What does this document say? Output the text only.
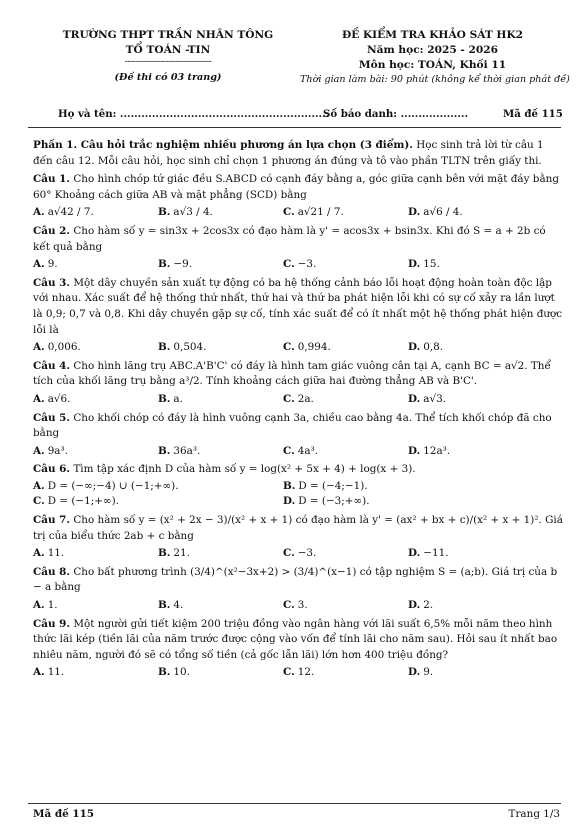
TRƯỜNG THPT TRẦN NHÂN TÔNG
TỔ TOÁN -TIN
----------------------------------
(Đề thi có 03 trang)
ĐỀ KIỂM TRA KHẢO SÁT HK2
Năm học: 2025 - 2026
Môn học: TOÁN, Khối 11
Thời gian làm bài: 90 phút (không kể thời gian phát đề)
Họ và tên: ...........................................................
Số báo danh: ...................	Mã đề 115
Phần 1. Câu hỏi trắc nghiệm nhiều phương án lựa chọn (3 điểm). Học sinh trả lời từ câu 1 đến câu 12. Mỗi câu hỏi, học sinh chỉ chọn 1 phương án đúng và tô vào phần TLTN trên giấy thi.
Câu 1. Cho hình chóp tứ giác đều S.ABCD có cạnh đáy bằng a, góc giữa cạnh bên với mặt đáy bằng 60° Khoảng cách giữa AB và mặt phẳng (SCD) bằng
A. a√42 / 7.	B. a√3 / 4.	C. a√21 / 7.	D. a√6 / 4.
Câu 2. Cho hàm số y = sin3x + 2cos3x có đạo hàm là y' = acos3x + bsin3x. Khi đó S = a + 2b có kết quả bằng
A. 9.	B. −9.	C. −3.	D. 15.
Câu 3. Một dây chuyền sản xuất tự động có ba hệ thống cảnh báo lỗi hoạt động hoàn toàn độc lập với nhau. Xác suất để hệ thống thứ nhất, thứ hai và thứ ba phát hiện lỗi khi có sự cố xảy ra lần lượt là 0,9; 0,7 và 0,8. Khi dây chuyền gặp sự cố, tính xác suất để có ít nhất một hệ thống phát hiện được lỗi là
A. 0,006.	B. 0,504.	C. 0,994.	D. 0,8.
Câu 4. Cho hình lăng trụ ABC.A'B'C' có đáy là hình tam giác vuông cân tại A, cạnh BC = a√2. Thể tích của khối lăng trụ bằng a³/2. Tính khoảng cách giữa hai đường thẳng AB và B'C'.
A. a√6.	B. a.	C. 2a.	D. a√3.
Câu 5. Cho khối chóp có đáy là hình vuông cạnh 3a, chiều cao bằng 4a. Thể tích khối chóp đã cho bằng
A. 9a³.	B. 36a³.	C. 4a³.	D. 12a³.
Câu 6. Tìm tập xác định D của hàm số y = log(x² + 5x + 4) + log(x + 3).
A. D = (−∞;−4) ∪ (−1;+∞).	B. D = (−4;−1).
C. D = (−1;+∞).	D. D = (−3;+∞).
Câu 7. Cho hàm số y = (x² + 2x − 3)/(x² + x + 1) có đạo hàm là y' = (ax² + bx + c)/(x² + x + 1)². Giá trị của biểu thức 2ab + c bằng
A. 11.	B. 21.	C. −3.	D. −11.
Câu 8. Cho bất phương trình (3/4)^(x²−3x+2) > (3/4)^(x−1) có tập nghiệm S = (a;b). Giá trị của b − a bằng
A. 1.	B. 4.	C. 3.	D. 2.
Câu 9. Một người gửi tiết kiệm 200 triệu đồng vào ngân hàng với lãi suất 6,5% mỗi năm theo hình thức lãi kép (tiền lãi của năm trước được cộng vào vốn để tính lãi cho năm sau). Hỏi sau ít nhất bao nhiêu năm, người đó sẽ có tổng số tiền (cả gốc lẫn lãi) lớn hơn 400 triệu đồng?
A. 11.	B. 10.	C. 12.	D. 9.
Mã đề 115	Trang 1/3
